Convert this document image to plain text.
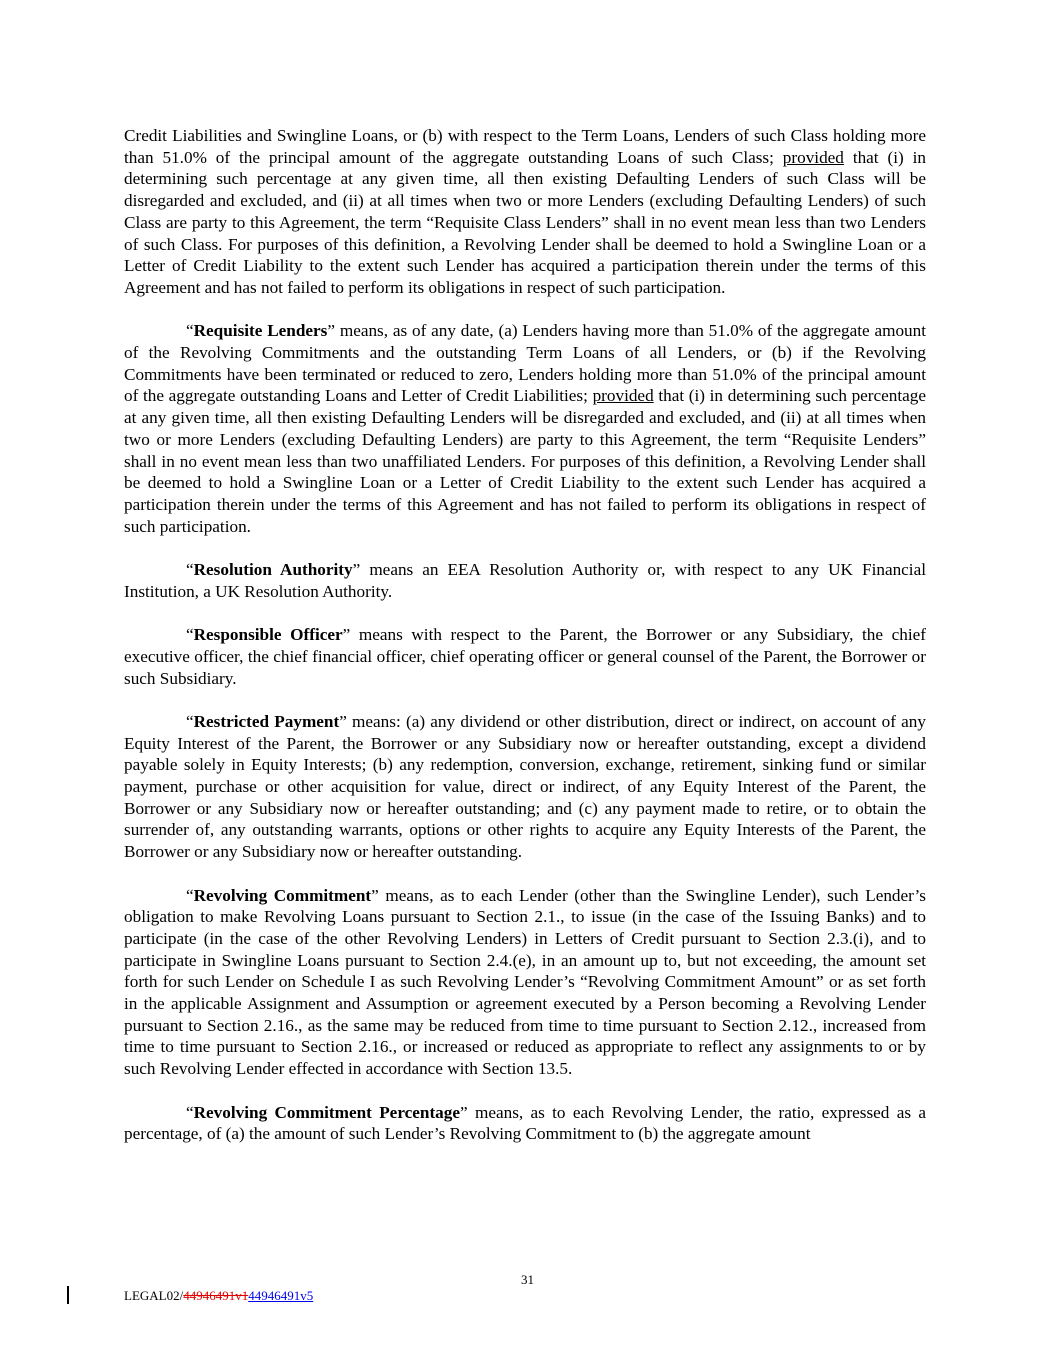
Credit Liabilities and Swingline Loans, or (b) with respect to the Term Loans, Lenders of such Class holding more than 51.0% of the principal amount of the aggregate outstanding Loans of such Class; provided that (i) in determining such percentage at any given time, all then existing Defaulting Lenders of such Class will be disregarded and excluded, and (ii) at all times when two or more Lenders (excluding Defaulting Lenders) of such Class are party to this Agreement, the term “Requisite Class Lenders” shall in no event mean less than two Lenders of such Class. For purposes of this definition, a Revolving Lender shall be deemed to hold a Swingline Loan or a Letter of Credit Liability to the extent such Lender has acquired a participation therein under the terms of this Agreement and has not failed to perform its obligations in respect of such participation.

“Requisite Lenders” means, as of any date, (a) Lenders having more than 51.0% of the aggregate amount of the Revolving Commitments and the outstanding Term Loans of all Lenders, or (b) if the Revolving Commitments have been terminated or reduced to zero, Lenders holding more than 51.0% of the principal amount of the aggregate outstanding Loans and Letter of Credit Liabilities; provided that (i) in determining such percentage at any given time, all then existing Defaulting Lenders will be disregarded and excluded, and (ii) at all times when two or more Lenders (excluding Defaulting Lenders) are party to this Agreement, the term “Requisite Lenders” shall in no event mean less than two unaffiliated Lenders. For purposes of this definition, a Revolving Lender shall be deemed to hold a Swingline Loan or a Letter of Credit Liability to the extent such Lender has acquired a participation therein under the terms of this Agreement and has not failed to perform its obligations in respect of such participation.

“Resolution Authority” means an EEA Resolution Authority or, with respect to any UK Financial Institution, a UK Resolution Authority.

“Responsible Officer” means with respect to the Parent, the Borrower or any Subsidiary, the chief executive officer, the chief financial officer, chief operating officer or general counsel of the Parent, the Borrower or such Subsidiary.

“Restricted Payment” means: (a) any dividend or other distribution, direct or indirect, on account of any Equity Interest of the Parent, the Borrower or any Subsidiary now or hereafter outstanding, except a dividend payable solely in Equity Interests; (b) any redemption, conversion, exchange, retirement, sinking fund or similar payment, purchase or other acquisition for value, direct or indirect, of any Equity Interest of the Parent, the Borrower or any Subsidiary now or hereafter outstanding; and (c) any payment made to retire, or to obtain the surrender of, any outstanding warrants, options or other rights to acquire any Equity Interests of the Parent, the Borrower or any Subsidiary now or hereafter outstanding.

“Revolving Commitment” means, as to each Lender (other than the Swingline Lender), such Lender’s obligation to make Revolving Loans pursuant to Section 2.1., to issue (in the case of the Issuing Banks) and to participate (in the case of the other Revolving Lenders) in Letters of Credit pursuant to Section 2.3.(i), and to participate in Swingline Loans pursuant to Section 2.4.(e), in an amount up to, but not exceeding, the amount set forth for such Lender on Schedule I as such Revolving Lender’s “Revolving Commitment Amount” or as set forth in the applicable Assignment and Assumption or agreement executed by a Person becoming a Revolving Lender pursuant to Section 2.16., as the same may be reduced from time to time pursuant to Section 2.12., increased from time to time pursuant to Section 2.16., or increased or reduced as appropriate to reflect any assignments to or by such Revolving Lender effected in accordance with Section 13.5.

“Revolving Commitment Percentage” means, as to each Revolving Lender, the ratio, expressed as a percentage, of (a) the amount of such Lender’s Revolving Commitment to (b) the aggregate amount

31
LEGAL02/44946491v144946491v5
